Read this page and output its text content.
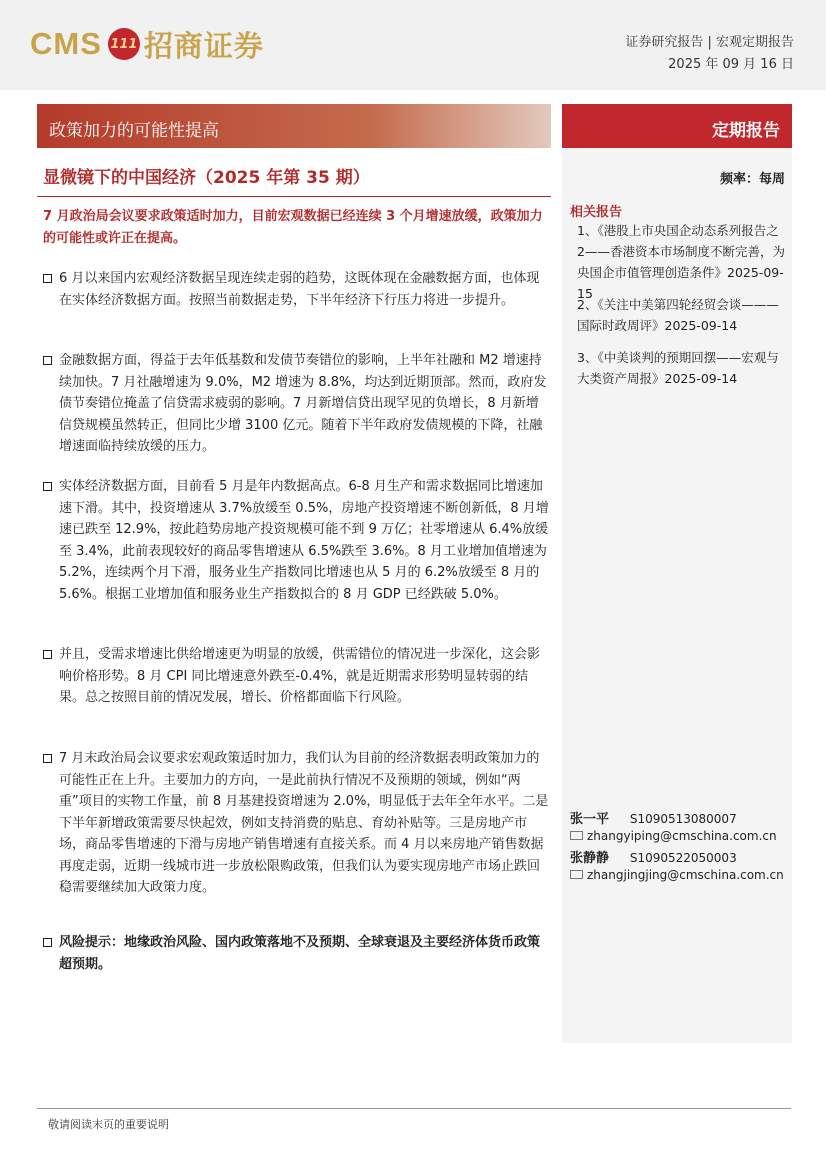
CMS 111 招商证券	证券研究报告 | 宏观定期报告
2025 年 09 月 16 日
政策加力的可能性提高	定期报告
显微镜下的中国经济（2025 年第 35 期）
7 月政治局会议要求政策适时加力，目前宏观数据已经连续 3 个月增速放缓，政策加力的可能性或许正在提高。
6 月以来国内宏观经济数据呈现连续走弱的趋势，这既体现在金融数据方面，也体现在实体经济数据方面。按照当前数据走势，下半年经济下行压力将进一步提升。
金融数据方面，得益于去年低基数和发债节奏错位的影响，上半年社融和 M2 增速持续加快。7 月社融增速为 9.0%，M2 增速为 8.8%，均达到近期顶部。然而，政府发债节奏错位掩盖了信贷需求疲弱的影响。7 月新增信贷出现罕见的负增长，8 月新增信贷规模虽然转正，但同比少增 3100 亿元。随着下半年政府发债规模的下降，社融增速面临持续放缓的压力。
实体经济数据方面，目前看 5 月是年内数据高点。6-8 月生产和需求数据同比增速加速下滑。其中，投资增速从 3.7%放缓至 0.5%，房地产投资增速不断创新低，8 月增速已跌至 12.9%，按此趋势房地产投资规模可能不到 9 万亿；社零增速从 6.4%放缓至 3.4%，此前表现较好的商品零售增速从 6.5%跌至 3.6%。8 月工业增加值增速为 5.2%，连续两个月下滑，服务业生产指数同比增速也从 5 月的 6.2%放缓至 8 月的 5.6%。根据工业增加值和服务业生产指数拟合的 8 月 GDP 已经跌破 5.0%。
并且，受需求增速比供给增速更为明显的放缓，供需错位的情况进一步深化，这会影响价格形势。8 月 CPI 同比增速意外跌至-0.4%，就是近期需求形势明显转弱的结果。总之按照目前的情况发展，增长、价格都面临下行风险。
7 月末政治局会议要求宏观政策适时加力，我们认为目前的经济数据表明政策加力的可能性正在上升。主要加力的方向，一是此前执行情况不及预期的领域，例如“两重”项目的实物工作量，前 8 月基建投资增速为 2.0%，明显低于去年全年水平。二是下半年新增政策需要尽快起效，例如支持消费的贴息、育幼补贴等。三是房地产市场，商品零售增速的下滑与房地产销售增速有直接关系。而 4 月以来房地产销售数据再度走弱，近期一线城市进一步放松限购政策，但我们认为要实现房地产市场止跌回稳需要继续加大政策力度。
风险提示：地缘政治风险、国内政策落地不及预期、全球衰退及主要经济体货币政策超预期。
频率：每周
相关报告
1、《港股上市央国企动态系列报告之 2——香港资本市场制度不断完善，为央国企市值管理创造条件》2025-09-15
2、《关注中美第四轮经贸会谈———国际时政周评》2025-09-14
3、《中美谈判的预期回摆——宏观与大类资产周报》2025-09-14
张一平 S1090513080007
zhangyiping@cmschina.com.cn
张静静 S1090522050003
zhangjingjing@cmschina.com.cn
敬请阅读末页的重要说明
